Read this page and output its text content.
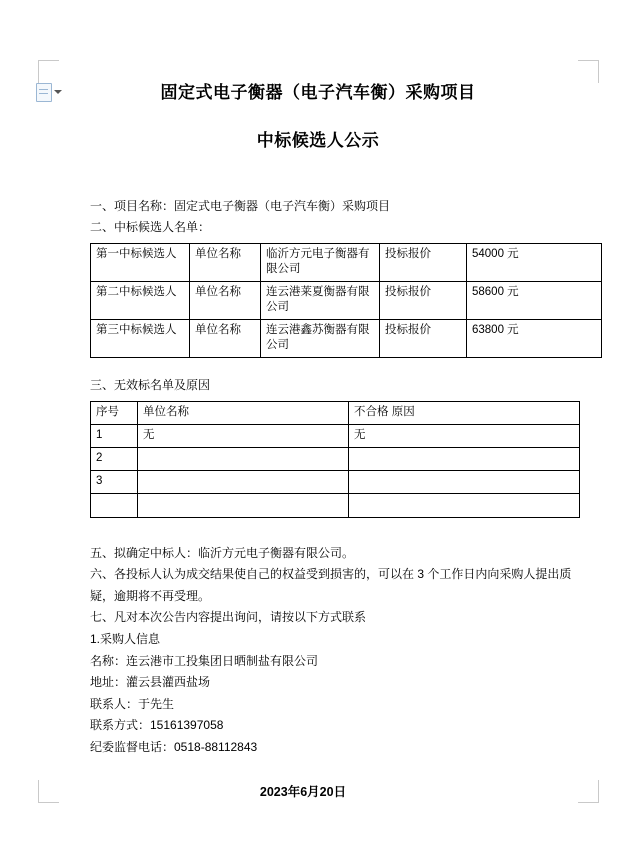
固定式电子衡器（电子汽车衡）采购项目
中标候选人公示

一、项目名称：固定式电子衡器（电子汽车衡）采购项目

二、中标候选人名单：

第一中标候选人	单位名称	临沂方元电子衡器有限公司	投标报价	54000 元
第二中标候选人	单位名称	连云港莱夏衡器有限公司	投标报价	58600 元
第三中标候选人	单位名称	连云港鑫苏衡器有限公司	投标报价	63800 元
三、无效标名单及原因
序号	单位名称	不合格 原因
1	无	无
2		
3		

五、拟确定中标人：临沂方元电子衡器有限公司。

六、各投标人认为成交结果使自己的权益受到损害的，可以在 3 个工作日内向采购人提出质

疑，逾期将不再受理。

七、凡对本次公告内容提出询问，请按以下方式联系

1.采购人信息

名称：连云港市工投集团日晒制盐有限公司

地址：灌云县灌西盐场

联系人：于先生

联系方式：15161397058

纪委监督电话：0518-88112843

2023年6月20日
